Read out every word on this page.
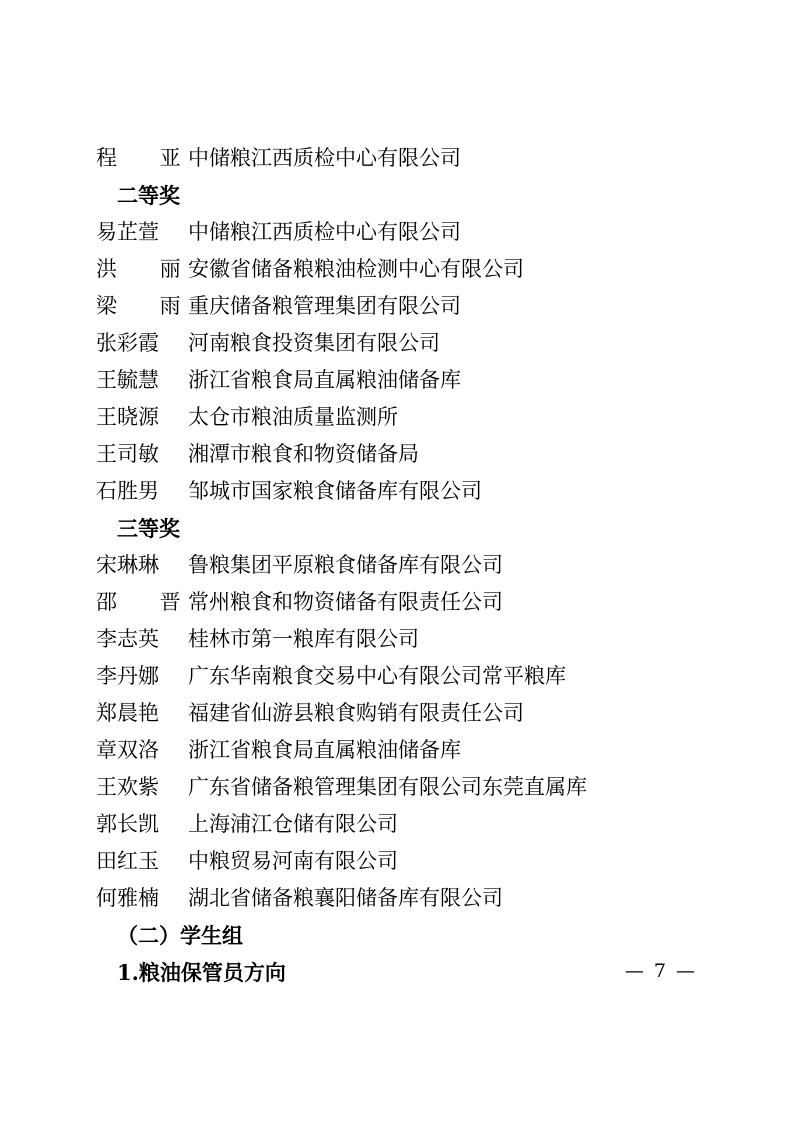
程 亚中储粮江西质检中心有限公司
二等奖
易芷萱 中储粮江西质检中心有限公司
洪 丽安徽省储备粮粮油检测中心有限公司
梁 雨重庆储备粮管理集团有限公司
张彩霞 河南粮食投资集团有限公司
王毓慧 浙江省粮食局直属粮油储备库
王晓源 太仓市粮油质量监测所
王司敏 湘潭市粮食和物资储备局
石胜男 邹城市国家粮食储备库有限公司
三等奖
宋琳琳 鲁粮集团平原粮食储备库有限公司
邵 晋常州粮食和物资储备有限责任公司
李志英 桂林市第一粮库有限公司
李丹娜 广东华南粮食交易中心有限公司常平粮库
郑晨艳 福建省仙游县粮食购销有限责任公司
章双洛 浙江省粮食局直属粮油储备库
王欢紫 广东省储备粮管理集团有限公司东莞直属库
郭长凯 上海浦江仓储有限公司
田红玉 中粮贸易河南有限公司
何雅楠 湖北省储备粮襄阳储备库有限公司
（二）学生组
1.粮油保管员方向	— 7 —
